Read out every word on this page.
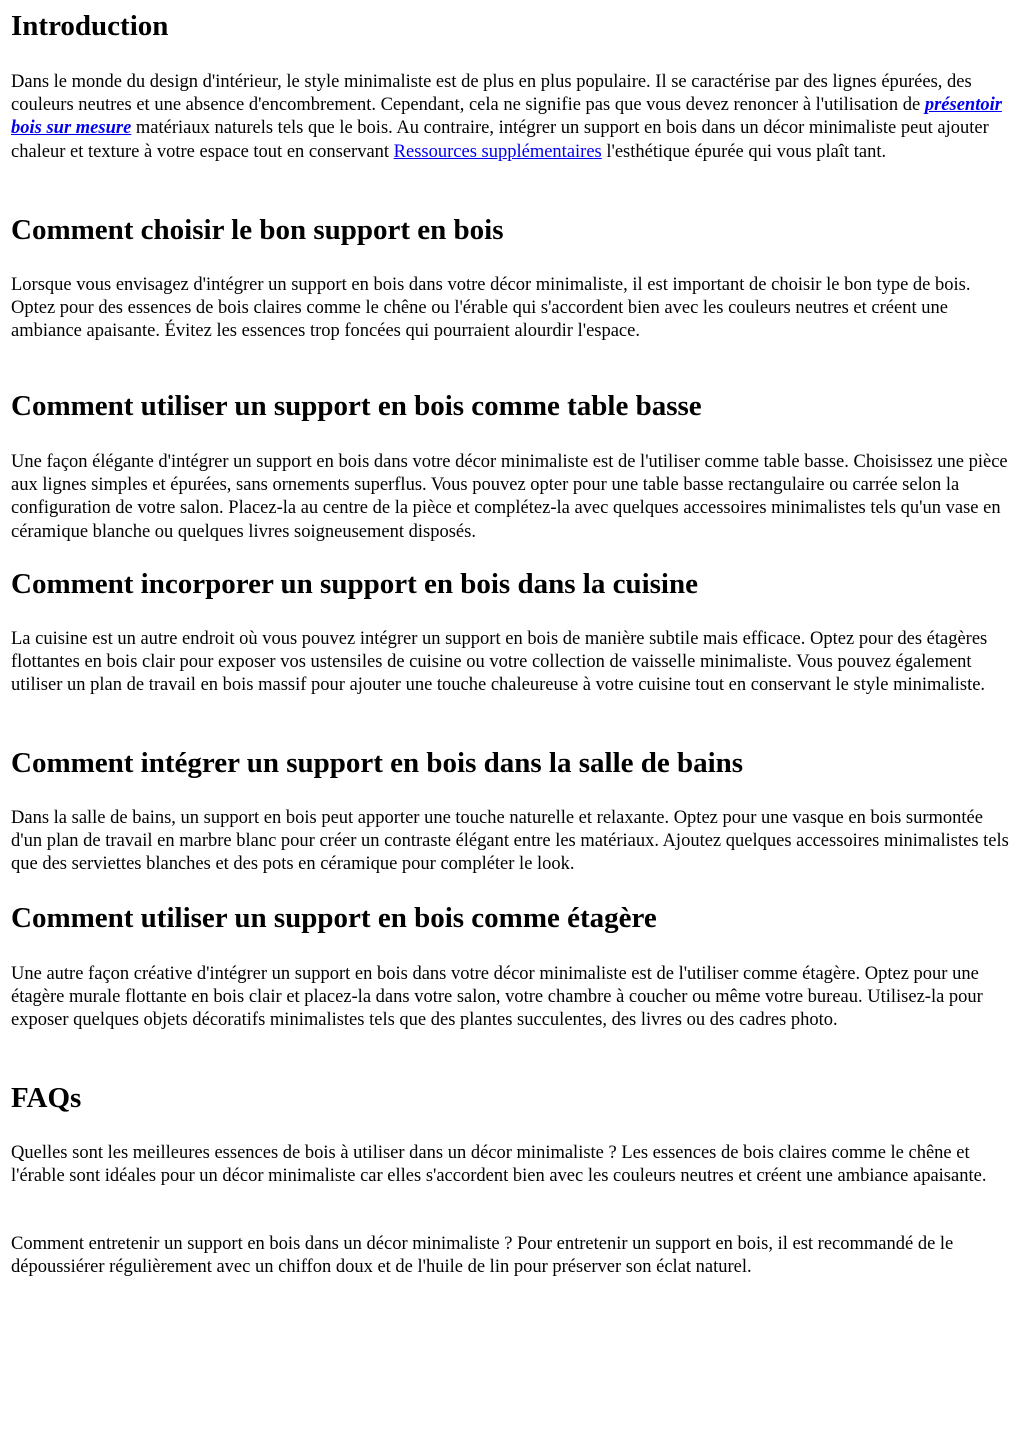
Introduction

Dans le monde du design d'intérieur, le style minimaliste est de plus en plus populaire. Il se caractérise par des lignes épurées, des couleurs neutres et une absence d'encombrement. Cependant, cela ne signifie pas que vous devez renoncer à l'utilisation de présentoir bois sur mesure matériaux naturels tels que le bois. Au contraire, intégrer un support en bois dans un décor minimaliste peut ajouter chaleur et texture à votre espace tout en conservant Ressources supplémentaires l'esthétique épurée qui vous plaît tant.

Comment choisir le bon support en bois

Lorsque vous envisagez d'intégrer un support en bois dans votre décor minimaliste, il est important de choisir le bon type de bois. Optez pour des essences de bois claires comme le chêne ou l'érable qui s'accordent bien avec les couleurs neutres et créent une ambiance apaisante. Évitez les essences trop foncées qui pourraient alourdir l'espace.

Comment utiliser un support en bois comme table basse

Une façon élégante d'intégrer un support en bois dans votre décor minimaliste est de l'utiliser comme table basse. Choisissez une pièce aux lignes simples et épurées, sans ornements superflus. Vous pouvez opter pour une table basse rectangulaire ou carrée selon la configuration de votre salon. Placez-la au centre de la pièce et complétez-la avec quelques accessoires minimalistes tels qu'un vase en céramique blanche ou quelques livres soigneusement disposés.

Comment incorporer un support en bois dans la cuisine

La cuisine est un autre endroit où vous pouvez intégrer un support en bois de manière subtile mais efficace. Optez pour des étagères flottantes en bois clair pour exposer vos ustensiles de cuisine ou votre collection de vaisselle minimaliste. Vous pouvez également utiliser un plan de travail en bois massif pour ajouter une touche chaleureuse à votre cuisine tout en conservant le style minimaliste.

Comment intégrer un support en bois dans la salle de bains

Dans la salle de bains, un support en bois peut apporter une touche naturelle et relaxante. Optez pour une vasque en bois surmontée d'un plan de travail en marbre blanc pour créer un contraste élégant entre les matériaux. Ajoutez quelques accessoires minimalistes tels que des serviettes blanches et des pots en céramique pour compléter le look.

Comment utiliser un support en bois comme étagère

Une autre façon créative d'intégrer un support en bois dans votre décor minimaliste est de l'utiliser comme étagère. Optez pour une étagère murale flottante en bois clair et placez-la dans votre salon, votre chambre à coucher ou même votre bureau. Utilisez-la pour exposer quelques objets décoratifs minimalistes tels que des plantes succulentes, des livres ou des cadres photo.

FAQs

Quelles sont les meilleures essences de bois à utiliser dans un décor minimaliste ? Les essences de bois claires comme le chêne et l'érable sont idéales pour un décor minimaliste car elles s'accordent bien avec les couleurs neutres et créent une ambiance apaisante.

Comment entretenir un support en bois dans un décor minimaliste ? Pour entretenir un support en bois, il est recommandé de le dépoussiérer régulièrement avec un chiffon doux et de l'huile de lin pour préserver son éclat naturel.
